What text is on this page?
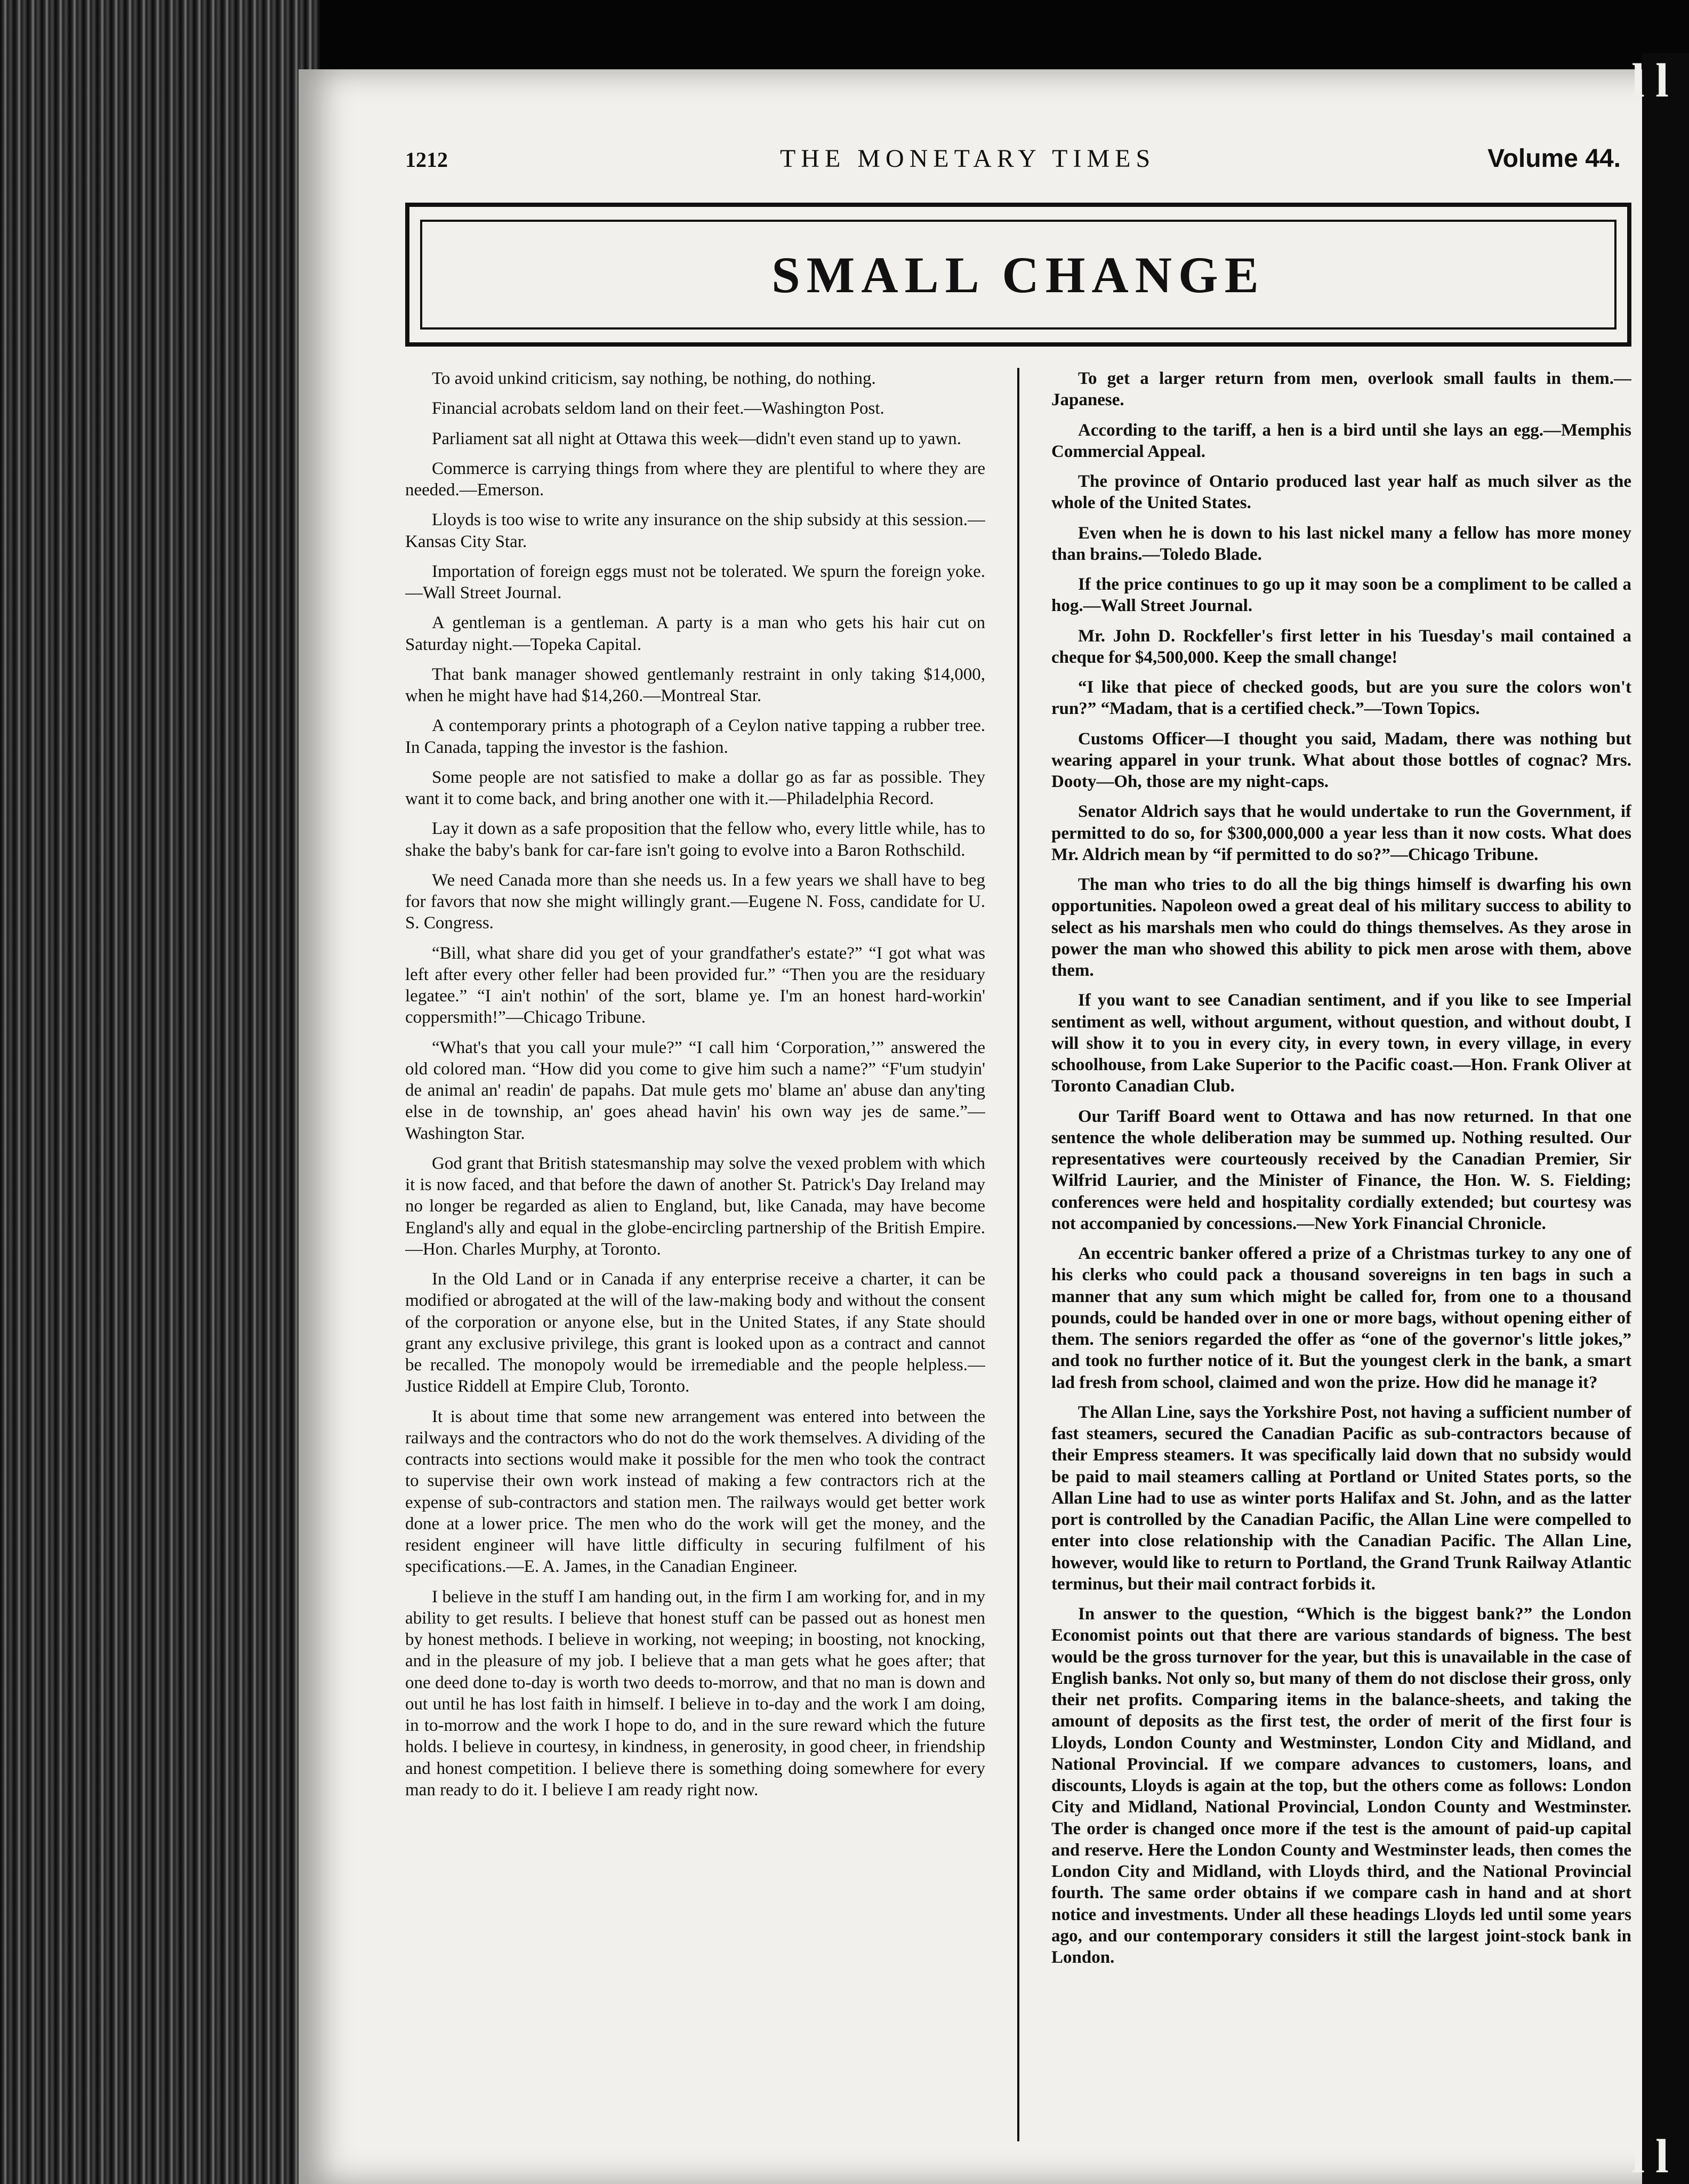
1212	THE MONETARY TIMES	Volume 44.
SMALL CHANGE

To avoid unkind criticism, say nothing, be nothing, do nothing.

Financial acrobats seldom land on their feet.—Washington Post.

Parliament sat all night at Ottawa this week—didn't even stand up to yawn.

Commerce is carrying things from where they are plentiful to where they are needed.—Emerson.

Lloyds is too wise to write any insurance on the ship subsidy at this session.—Kansas City Star.

Importation of foreign eggs must not be tolerated. We spurn the foreign yoke.—Wall Street Journal.

A gentleman is a gentleman. A party is a man who gets his hair cut on Saturday night.—Topeka Capital.

That bank manager showed gentlemanly restraint in only taking $14,000, when he might have had $14,260.—Montreal Star.

A contemporary prints a photograph of a Ceylon native tapping a rubber tree. In Canada, tapping the investor is the fashion.

Some people are not satisfied to make a dollar go as far as possible. They want it to come back, and bring another one with it.—Philadelphia Record.

Lay it down as a safe proposition that the fellow who, every little while, has to shake the baby's bank for car-fare isn't going to evolve into a Baron Rothschild.

We need Canada more than she needs us. In a few years we shall have to beg for favors that now she might willingly grant.—Eugene N. Foss, candidate for U. S. Congress.

“Bill, what share did you get of your grandfather's estate?” “I got what was left after every other feller had been provided fur.” “Then you are the residuary legatee.” “I ain't nothin' of the sort, blame ye. I'm an honest hard-workin' coppersmith!”—Chicago Tribune.

“What's that you call your mule?” “I call him ‘Corporation,’” answered the old colored man. “How did you come to give him such a name?” “F'um studyin' de animal an' readin' de papahs. Dat mule gets mo' blame an' abuse dan any'ting else in de township, an' goes ahead havin' his own way jes de same.”—Washington Star.

God grant that British statesmanship may solve the vexed problem with which it is now faced, and that before the dawn of another St. Patrick's Day Ireland may no longer be regarded as alien to England, but, like Canada, may have become England's ally and equal in the globe-encircling partnership of the British Empire.—Hon. Charles Murphy, at Toronto.

In the Old Land or in Canada if any enterprise receive a charter, it can be modified or abrogated at the will of the law-making body and without the consent of the corporation or anyone else, but in the United States, if any State should grant any exclusive privilege, this grant is looked upon as a contract and cannot be recalled. The monopoly would be irremediable and the people helpless.—Justice Riddell at Empire Club, Toronto.

It is about time that some new arrangement was entered into between the railways and the contractors who do not do the work themselves. A dividing of the contracts into sections would make it possible for the men who took the contract to supervise their own work instead of making a few contractors rich at the expense of sub-contractors and station men. The railways would get better work done at a lower price. The men who do the work will get the money, and the resident engineer will have little difficulty in securing fulfilment of his specifications.—E. A. James, in the Canadian Engineer.

I believe in the stuff I am handing out, in the firm I am working for, and in my ability to get results. I believe that honest stuff can be passed out as honest men by honest methods. I believe in working, not weeping; in boosting, not knocking, and in the pleasure of my job. I believe that a man gets what he goes after; that one deed done to-day is worth two deeds to-morrow, and that no man is down and out until he has lost faith in himself. I believe in to-day and the work I am doing, in to-morrow and the work I hope to do, and in the sure reward which the future holds. I believe in courtesy, in kindness, in generosity, in good cheer, in friendship and honest competition. I believe there is something doing somewhere for every man ready to do it. I believe I am ready right now.

To get a larger return from men, overlook small faults in them.—Japanese.

According to the tariff, a hen is a bird until she lays an egg.—Memphis Commercial Appeal.

The province of Ontario produced last year half as much silver as the whole of the United States.

Even when he is down to his last nickel many a fellow has more money than brains.—Toledo Blade.

If the price continues to go up it may soon be a compliment to be called a hog.—Wall Street Journal.

Mr. John D. Rockfeller's first letter in his Tuesday's mail contained a cheque for $4,500,000. Keep the small change!

“I like that piece of checked goods, but are you sure the colors won't run?” “Madam, that is a certified check.”—Town Topics.

Customs Officer—I thought you said, Madam, there was nothing but wearing apparel in your trunk. What about those bottles of cognac? Mrs. Dooty—Oh, those are my night-caps.

Senator Aldrich says that he would undertake to run the Government, if permitted to do so, for $300,000,000 a year less than it now costs. What does Mr. Aldrich mean by “if permitted to do so?”—Chicago Tribune.

The man who tries to do all the big things himself is dwarfing his own opportunities. Napoleon owed a great deal of his military success to ability to select as his marshals men who could do things themselves. As they arose in power the man who showed this ability to pick men arose with them, above them.

If you want to see Canadian sentiment, and if you like to see Imperial sentiment as well, without argument, without question, and without doubt, I will show it to you in every city, in every town, in every village, in every schoolhouse, from Lake Superior to the Pacific coast.—Hon. Frank Oliver at Toronto Canadian Club.

Our Tariff Board went to Ottawa and has now returned. In that one sentence the whole deliberation may be summed up. Nothing resulted. Our representatives were courteously received by the Canadian Premier, Sir Wilfrid Laurier, and the Minister of Finance, the Hon. W. S. Fielding; conferences were held and hospitality cordially extended; but courtesy was not accompanied by concessions.—New York Financial Chronicle.

An eccentric banker offered a prize of a Christmas turkey to any one of his clerks who could pack a thousand sovereigns in ten bags in such a manner that any sum which might be called for, from one to a thousand pounds, could be handed over in one or more bags, without opening either of them. The seniors regarded the offer as “one of the governor's little jokes,” and took no further notice of it. But the youngest clerk in the bank, a smart lad fresh from school, claimed and won the prize. How did he manage it?

The Allan Line, says the Yorkshire Post, not having a sufficient number of fast steamers, secured the Canadian Pacific as sub-contractors because of their Empress steamers. It was specifically laid down that no subsidy would be paid to mail steamers calling at Portland or United States ports, so the Allan Line had to use as winter ports Halifax and St. John, and as the latter port is controlled by the Canadian Pacific, the Allan Line were compelled to enter into close relationship with the Canadian Pacific. The Allan Line, however, would like to return to Portland, the Grand Trunk Railway Atlantic terminus, but their mail contract forbids it.

In answer to the question, “Which is the biggest bank?” the London Economist points out that there are various standards of bigness. The best would be the gross turnover for the year, but this is unavailable in the case of English banks. Not only so, but many of them do not disclose their gross, only their net profits. Comparing items in the balance-sheets, and taking the amount of deposits as the first test, the order of merit of the first four is Lloyds, London County and Westminster, London City and Midland, and National Provincial. If we compare advances to customers, loans, and discounts, Lloyds is again at the top, but the others come as follows: London City and Midland, National Provincial, London County and Westminster. The order is changed once more if the test is the amount of paid-up capital and reserve. Here the London County and Westminster leads, then comes the London City and Midland, with Lloyds third, and the National Provincial fourth. The same order obtains if we compare cash in hand and at short notice and investments. Under all these headings Lloyds led until some years ago, and our contemporary considers it still the largest joint-stock bank in London.

ll
ll
